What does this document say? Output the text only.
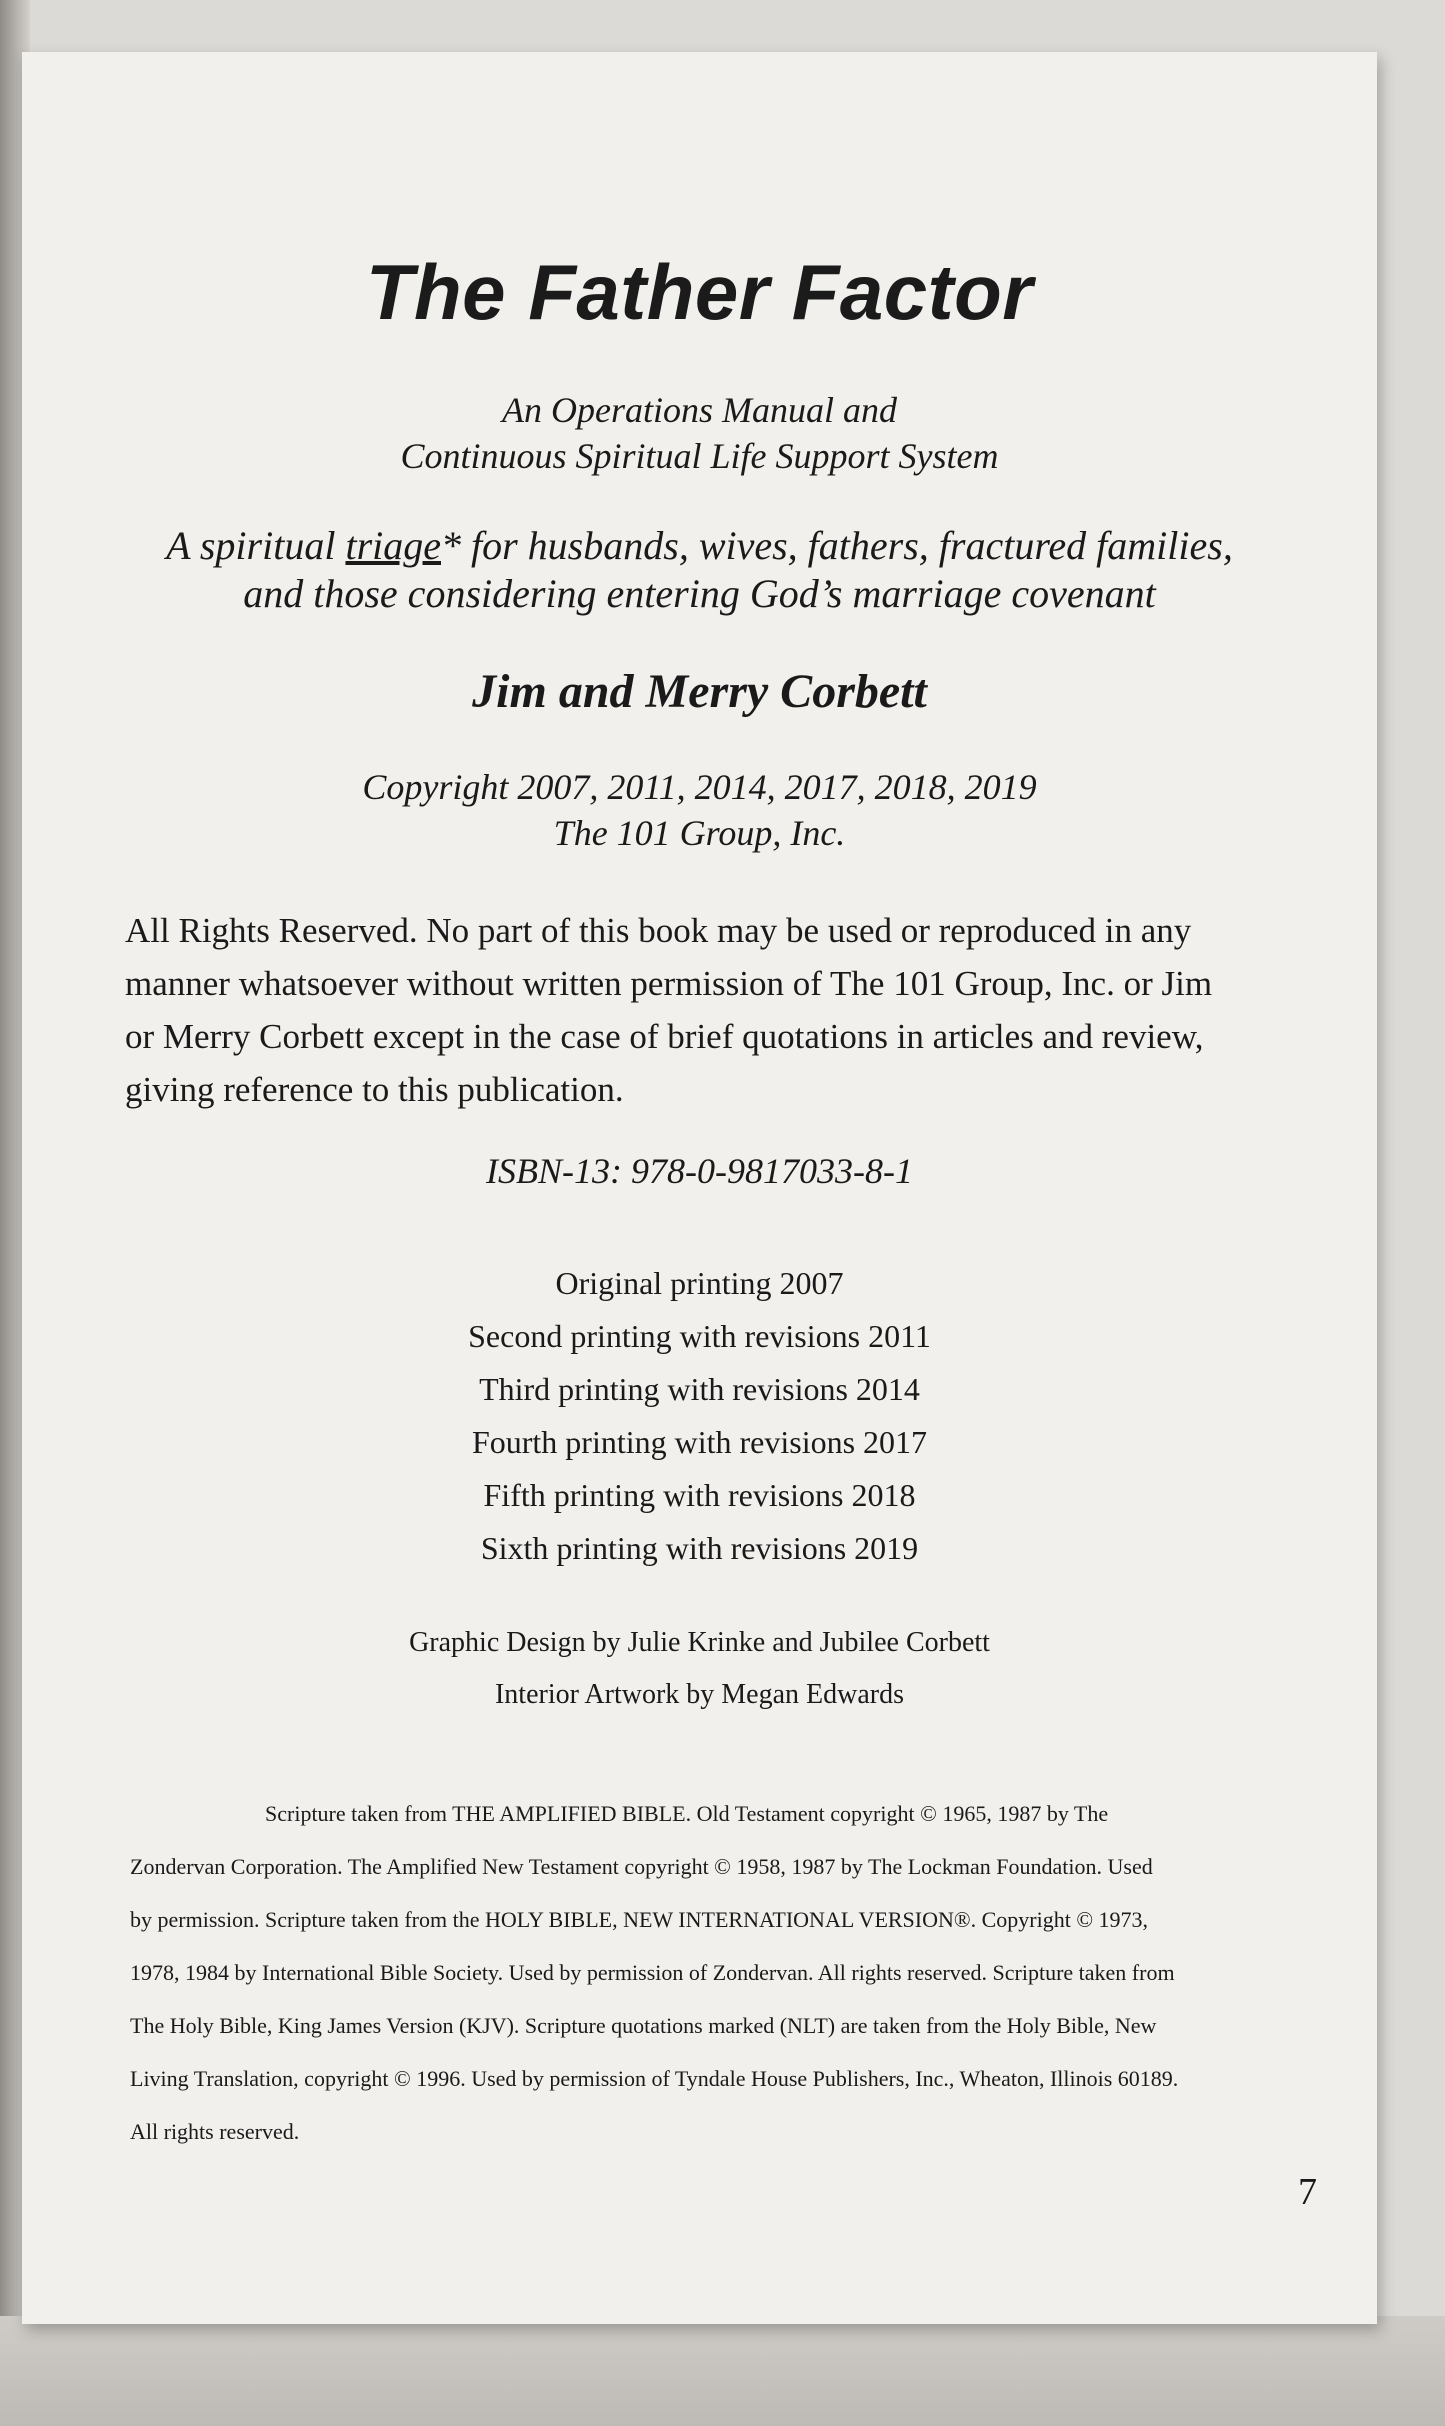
The Father Factor
An Operations Manual and
Continuous Spiritual Life Support System
A spiritual triage* for husbands, wives, fathers, fractured families,
and those considering entering God’s marriage covenant
Jim and Merry Corbett
Copyright 2007, 2011, 2014, 2017, 2018, 2019
The 101 Group, Inc.
All Rights Reserved. No part of this book may be used or reproduced in any
manner whatsoever without written permission of The 101 Group, Inc. or Jim
or Merry Corbett except in the case of brief quotations in articles and review,
giving reference to this publication.
ISBN-13: 978-0-9817033-8-1
Original printing 2007
Second printing with revisions 2011
Third printing with revisions 2014
Fourth printing with revisions 2017
Fifth printing with revisions 2018
Sixth printing with revisions 2019
Graphic Design by Julie Krinke and Jubilee Corbett
Interior Artwork by Megan Edwards
Scripture taken from THE AMPLIFIED BIBLE. Old Testament copyright © 1965, 1987 by The
Zondervan Corporation. The Amplified New Testament copyright © 1958, 1987 by The Lockman Foundation. Used
by permission. Scripture taken from the HOLY BIBLE, NEW INTERNATIONAL VERSION®. Copyright © 1973,
1978, 1984 by International Bible Society. Used by permission of Zondervan. All rights reserved. Scripture taken from
The Holy Bible, King James Version (KJV). Scripture quotations marked (NLT) are taken from the Holy Bible, New
Living Translation, copyright © 1996. Used by permission of Tyndale House Publishers, Inc., Wheaton, Illinois 60189.
All rights reserved.
7
